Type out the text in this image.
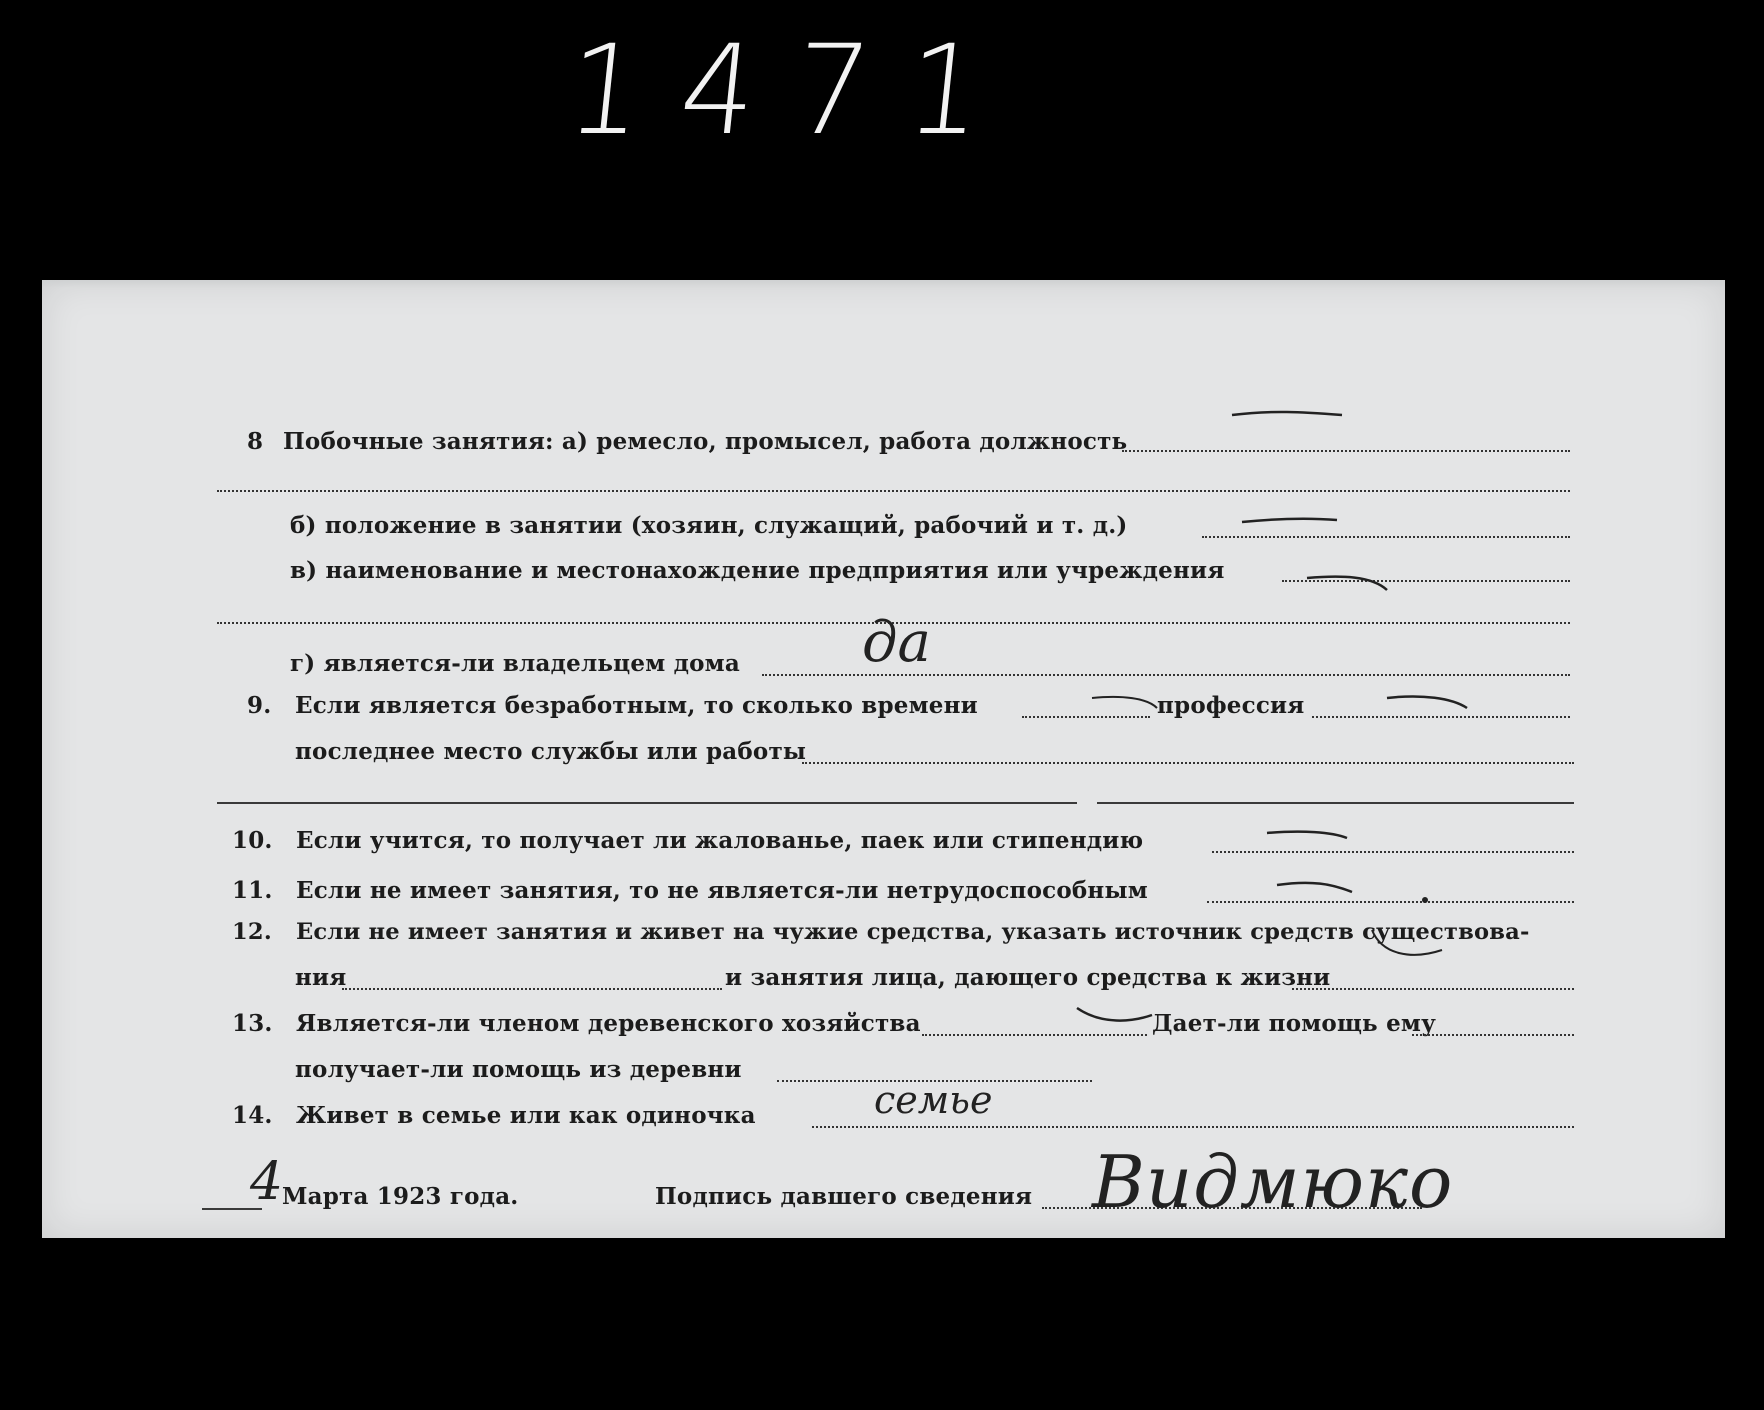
1471
8 Побочные занятия: а) ремесло, промысел, работа должность
б) положение в занятии (хозяин, служащий, рабочий и т. д.)
в) наименование и местонахождение предприятия или учреждения
г) является-ли владельцем дома да
9. Если является безработным, то сколько времени	профессия
последнее место службы или работы
10. Если учится, то получает ли жалованье, паек или стипендию
11. Если не имеет занятия, то не является-ли нетрудоспособным
12. Если не имеет занятия и живет на чужие средства, указать источник средств существова-
ния	и занятия лица, дающего средства к жизни
13. Является-ли членом деревенского хозяйства	Дает-ли помощь ему
получает-ли помощь из деревни
14. Живет в семье или как одиночка	семье
4
Марта 1923 года.	Подпись давшего сведения Видмюко
